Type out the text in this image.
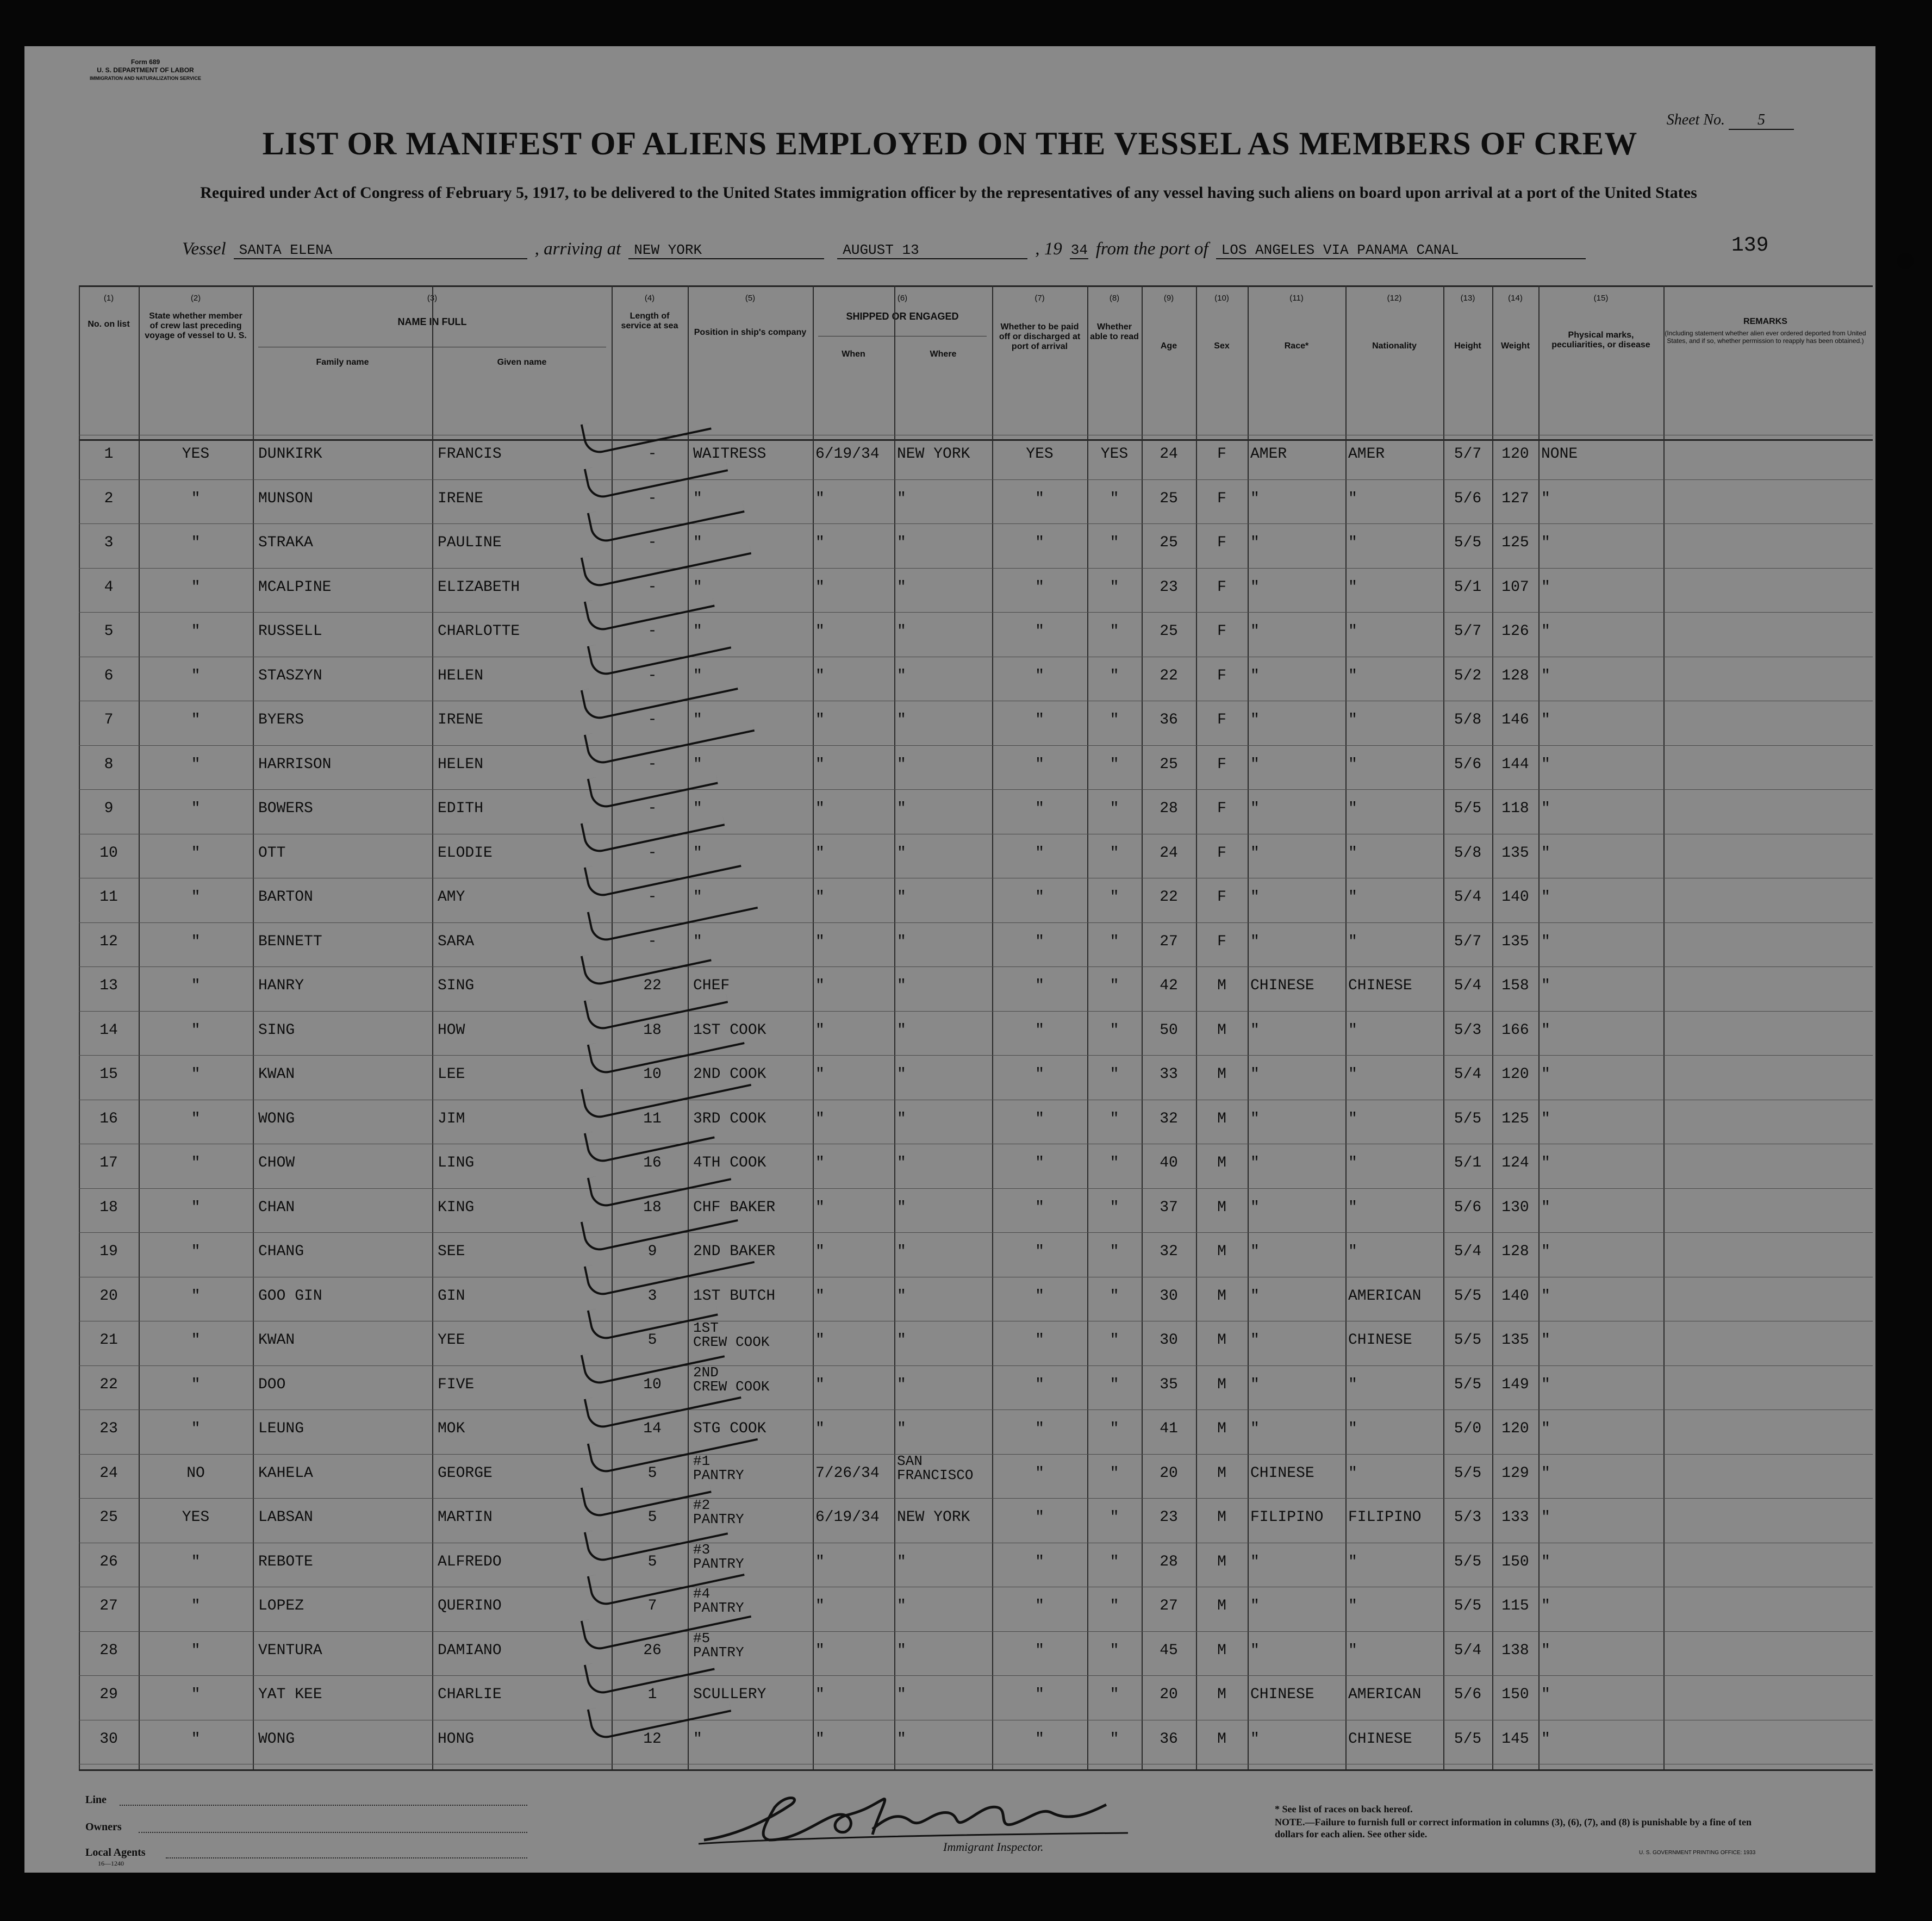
Form 689
U. S. DEPARTMENT OF LABOR
IMMIGRATION AND NATURALIZATION SERVICE
Sheet No. 5
LIST OR MANIFEST OF ALIENS EMPLOYED ON THE VESSEL AS MEMBERS OF CREW
Required under Act of Congress of February 5, 1917, to be delivered to the United States immigration officer by the representatives of any vessel having such aliens on board upon arrival at a port of the United States
Vessel SANTA ELENA	, arriving at NEW YORK	AUGUST 13	, 19 34 from the port of LOS ANGELES VIA PANAMA CANAL	139
(1)	(2)	(3)	(4)	(5)	(6)	(7)	(8)	(9)	(10)	(11)	(12)	(13)	(14)	(15)
No. on list
State whether member of crew last preceding voyage of vessel to U. S.
NAME IN FULL
Family name	Given name
Length of service at sea
Position in ship's company
SHIPPED OR ENGAGED
When	Where
Whether to be paid off or discharged at port of arrival
Whether able to read
Age	Sex	Race*	Nationality	Height	Weight
Physical marks, peculiarities, or disease
REMARKS
(Including statement whether alien ever ordered deported from United States, and if so, whether permission to reapply has been obtained.)
1	YES	DUNKIRK	FRANCIS	-	WAITRESS	6/19/34	NEW YORK	YES	YES	24	F	AMER	AMER	5/7	120 NONE
2	"	MUNSON	IRENE	-	"	"	"	"	"	25	F	"	"	5/6	127 "
3	"	STRAKA	PAULINE	-	"	"	"	"	"	25	F	"	"	5/5	125 "
4	"	MCALPINE	ELIZABETH	-	"	"	"	"	"	23	F	"	"	5/1	107 "
5	"	RUSSELL	CHARLOTTE	-	"	"	"	"	"	25	F	"	"	5/7	126 "
6	"	STASZYN	HELEN	-	"	"	"	"	"	22	F	"	"	5/2	128 "
7	"	BYERS	IRENE	-	"	"	"	"	"	36	F	"	"	5/8	146 "
8	"	HARRISON	HELEN	-	"	"	"	"	"	25	F	"	"	5/6	144 "
9	"	BOWERS	EDITH	-	"	"	"	"	"	28	F	"	"	5/5	118 "
10	"	OTT	ELODIE	-	"	"	"	"	"	24	F	"	"	5/8	135 "
11	"	BARTON	AMY	-	"	"	"	"	"	22	F	"	"	5/4	140 "
12	"	BENNETT	SARA	-	"	"	"	"	"	27	F	"	"	5/7	135 "
13	"	HANRY	SING	22	CHEF	"	"	"	"	42	M	CHINESE	CHINESE	5/4	158 "
14	"	SING	HOW	18	1ST COOK	"	"	"	"	50	M	"	"	5/3	166 "
15	"	KWAN	LEE	10	2ND COOK	"	"	"	"	33	M	"	"	5/4	120 "
16	"	WONG	JIM	11	3RD COOK	"	"	"	"	32	M	"	"	5/5	125 "
17	"	CHOW	LING	16	4TH COOK	"	"	"	"	40	M	"	"	5/1	124 "
18	"	CHAN	KING	18	CHF BAKER	"	"	"	"	37	M	"	"	5/6	130 "
19	"	CHANG	SEE	9	2ND BAKER	"	"	"	"	32	M	"	"	5/4	128 "
20	"	GOO GIN	GIN	3	1ST BUTCH	"	"	"	"	30	M	"	AMERICAN	5/5	140 "
21	"	KWAN	YEE	5
1ST
CREW COOK	"	"	"	"	30	M	"	CHINESE	5/5	135 "
22	"	DOO	FIVE	10
2ND
CREW COOK	"	"	"	"	35	M	"	"	5/5	149 "
23	"	LEUNG	MOK	14	STG COOK	"	"	"	"	41	M	"	"	5/0	120 "
24	NO	KAHELA	GEORGE	5
#1
PANTRY	7/26/34
SAN
FRANCISCO	"	"	20	M	CHINESE	"	5/5	129 "
25	YES	LABSAN	MARTIN	5
#2
PANTRY	6/19/34	NEW YORK	"	"	23	M	FILIPINO	FILIPINO	5/3	133 "
26	"	REBOTE	ALFREDO	5
#3
PANTRY	"	"	"	"	28	M	"	"	5/5	150 "
27	"	LOPEZ	QUERINO	7
#4
PANTRY	"	"	"	"	27	M	"	"	5/5	115 "
28	"	VENTURA	DAMIANO	26
#5
PANTRY	"	"	"	"	45	M	"	"	5/4	138 "
29	"	YAT KEE	CHARLIE	1	SCULLERY	"	"	"	"	20	M	CHINESE	AMERICAN	5/6	150 "
30	"	WONG	HONG	12	"	"	"	"	"	36	M	"	CHINESE	5/5	145 "
Line
Owners
Local Agents
16—1240
Immigrant Inspector.
* See list of races on back hereof.
NOTE.—Failure to furnish full or correct information in columns (3), (6), (7), and (8) is punishable by a fine of ten dollars for each alien. See other side.
U. S. GOVERNMENT PRINTING OFFICE: 1933
